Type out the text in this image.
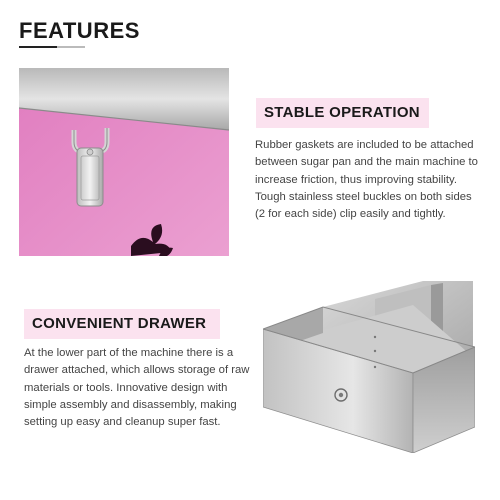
FEATURES
STABLE OPERATION
Rubber gaskets are included to be attached
between sugar pan and the main machine to
increase friction, thus improving stability.
Tough stainless steel buckles on both sides
(2 for each side) clip easily and tightly.
CONVENIENT DRAWER
At the lower part of the machine there is a
drawer attached, which allows storage of raw
materials or tools. Innovative design with
simple assembly and disassembly, making
setting up easy and cleanup super fast.
